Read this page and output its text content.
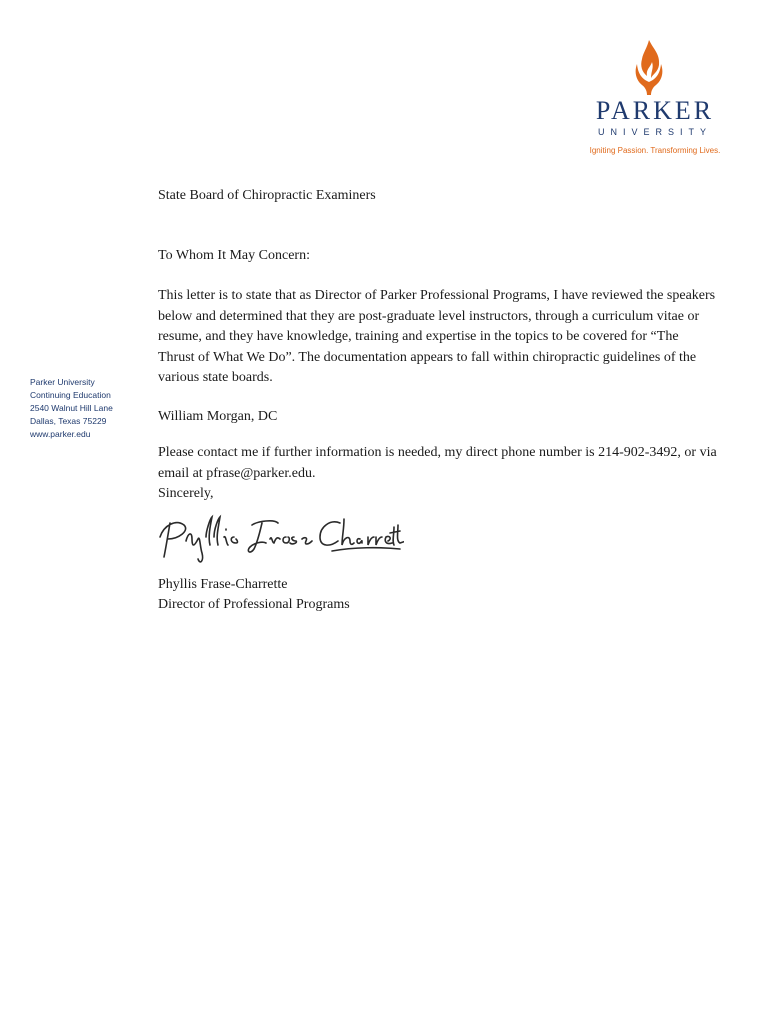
PARKER
UNIVERSITY
Igniting Passion. Transforming Lives.
Parker University
Continuing Education
2540 Walnut Hill Lane
Dallas, Texas 75229
www.parker.edu

State Board of Chiropractic Examiners

To Whom It May Concern:

This letter is to state that as Director of Parker Professional Programs, I have reviewed the speakers below and determined that they are post-graduate level instructors, through a curriculum vitae or resume, and they have knowledge, training and expertise in the topics to be covered for “The Thrust of What We Do”. The documentation appears to fall within chiropractic guidelines of the various state boards.

William Morgan, DC

Please contact me if further information is needed, my direct phone number is 214-902-3492, or via email at pfrase@parker.edu.

Sincerely,

Phyllis Frase-Charrette

Director of Professional Programs
